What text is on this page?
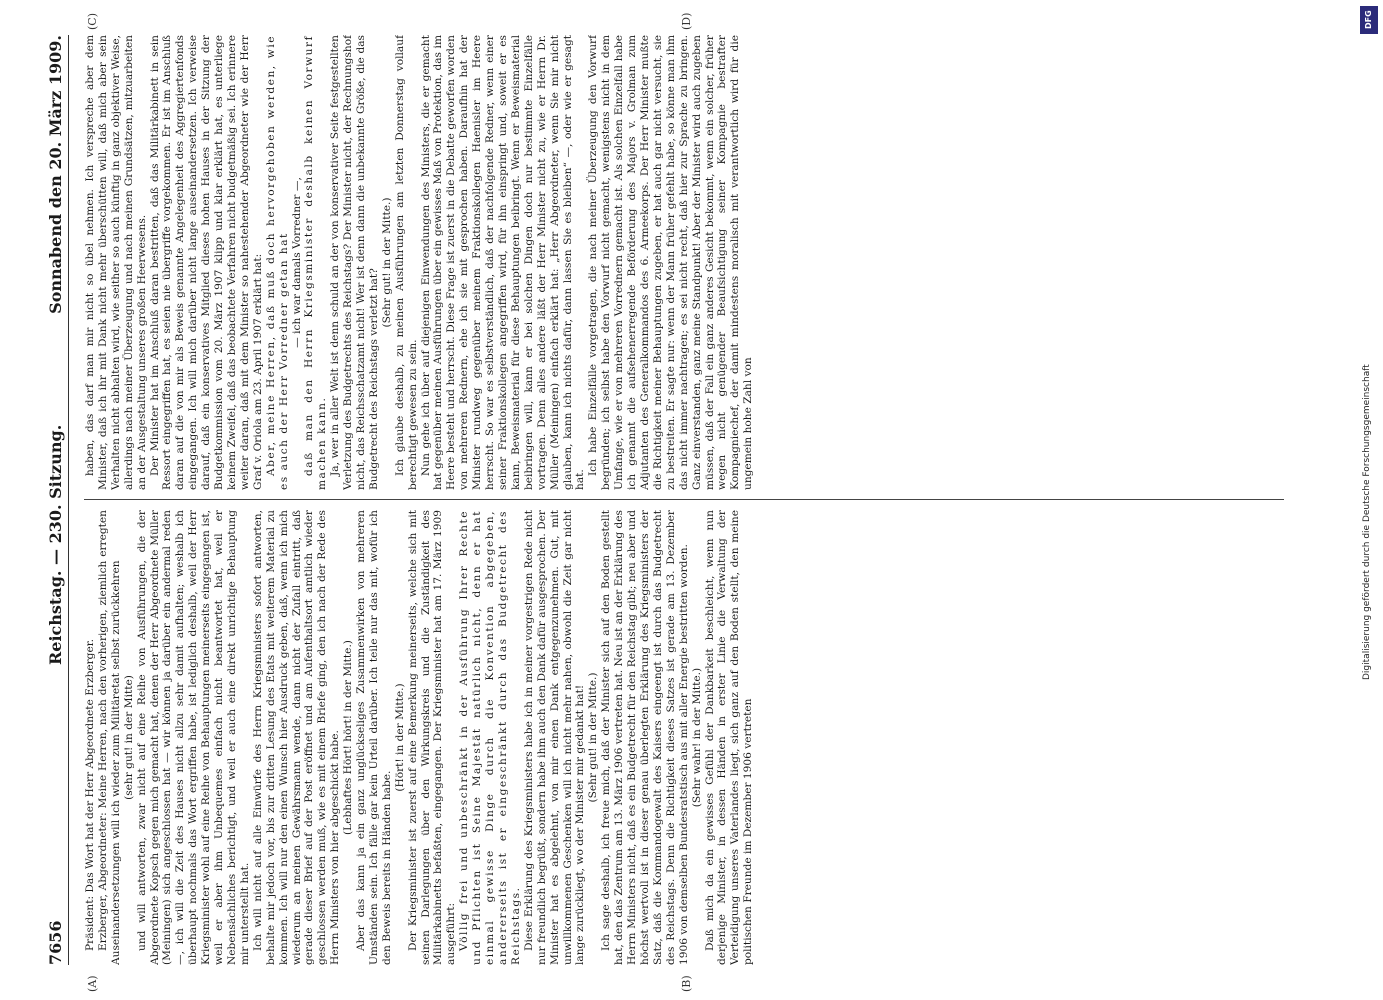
7656
Reichstag. — 230. Sitzung.
Sonnabend den 20. März 1909.
(A)	(B)
(C)	(D)

Präsident: Das Wort hat der Herr Abgeordnete Erzberger. Erzberger, Abgeordneter: Meine Herren, nach den vorherigen, ziemlich erregten Auseinandersetzungen will ich wieder zum Militäretat selbst zurückkehren (sehr gut! in der Mitte) und will antworten, zwar nicht auf eine Reihe von Ausführungen, die der Abgeordnete Kopsch gegen mich gemacht hat, denen der Herr Abgeordnete Müller (Meiningen) sich angeschlossen hat — wir können ja darüber ein andermal reden —, ich will die Zeit des Hauses nicht allzu sehr damit aufhalten; weshalb ich überhaupt nochmals das Wort ergriffen habe, ist lediglich deshalb, weil der Herr Kriegsminister wohl auf eine Reihe von Behauptungen meinerseits eingegangen ist, weil er aber ihm Unbequemes einfach nicht beantwortet hat, weil er Nebensächliches berichtigt, und weil er auch eine direkt unrichtige Behauptung mir unterstellt hat. Ich will nicht auf alle Einwürfe des Herrn Kriegsministers sofort antworten, behalte mir jedoch vor, bis zur dritten Lesung des Etats mit weiterem Material zu kommen. Ich will nur den einen Wunsch hier Ausdruck geben, daß, wenn ich mich wiederum an meinen Gewährsmann wende, dann nicht der Zufall eintritt, daß gerade dieser Brief auf der Post eröffnet und am Aufenthaltsort amtlich wieder geschlossen werden muß, wie es mit einem Briefe ging, den ich nach der Rede des Herrn Ministers von hier abgeschickt habe. (Lebhaftes Hört! hört! in der Mitte.) Aber das kann ja ein ganz unglückseliges Zusammenwirken von mehreren Umständen sein. Ich fälle gar kein Urteil darüber. Ich teile nur das mit, wofür ich den Beweis bereits in Händen habe.

(Hört! in der Mitte.) Der Kriegsminister ist zuerst auf eine Bemerkung meinerseits, welche sich mit seinen Darlegungen über den Wirkungskreis und die Zuständigkeit des Militärkabinetts befaßten, eingegangen. Der Kriegsminister hat am 17. März 1909 ausgeführt: Völlig frei und unbeschränkt in der Ausführung Ihrer Rechte und Pflichten ist Seine Majestät natürlich nicht, denn er hat einmal gewisse Dinge durch die Konvention abgegeben, andererseits ist er eingeschränkt durch das Budgetrecht des Reichstags. Diese Erklärung des Kriegsministers habe ich in meiner vorgestrigen Rede nicht nur freundlich begrüßt, sondern habe ihm auch den Dank dafür ausgesprochen. Der Minister hat es abgelehnt, von mir einen Dank entgegenzunehmen. Gut, mit unwillkommenen Geschenken will ich nicht mehr nahen, obwohl die Zeit gar nicht lange zurückliegt, wo der Minister mir gedankt hat! (Sehr gut! in der Mitte.) Ich sage deshalb, ich freue mich, daß der Minister sich auf den Boden gestellt hat, den das Zentrum am 13. März 1906 vertreten hat. Neu ist an der Erklärung des Herrn Ministers nicht, daß es ein Budgetrecht für den Reichstag gibt; neu aber und höchst wertvoll ist in dieser genau überlegten Erklärung des Kriegsministers der Satz, daß die Kommandogewalt des Kaisers eingeengt ist durch das Budgetrecht des Reichstags. Denn die Richtigkeit dieses Satzes ist gerade am 13. Dezember 1906 von demselben Bundesratstisch aus mit aller Energie bestritten worden. (Sehr wahr! in der Mitte.) Daß mich da ein gewisses Gefühl der Dankbarkeit beschleicht, wenn nun derjenige Minister, in dessen Händen in erster Linie die Verwaltung der Verteidigung unseres Vaterlandes liegt, sich ganz auf den Boden stellt, den meine politischen Freunde im Dezember 1906 vertreten

haben, das darf man mir nicht so übel nehmen. Ich verspreche aber dem Minister, daß ich ihr mit Dank nicht mehr überschütten will, daß mich aber sein Verhalten nicht abhalten wird, wie seither so auch künftig in ganz objektiver Weise, allerdings nach meiner Überzeugung und nach meinen Grundsätzen, mitzuarbeiten an der Ausgestaltung unseres großen Heerwesens. Der Minister hat im Anschluß daran bestritten, daß das Militärkabinett in sein Ressort eingegriffen hat, es seien nie übergriffe vorgekommen. Er ist im Anschluß daran auf die von mir als Beweis genannte Angelegenheit des Aggregiertenfonds eingegangen. Ich will mich darüber nicht lange auseinandersetzen. Ich verweise darauf, daß ein konservatives Mitglied dieses hohen Hauses in der Sitzung der Budgetkommission vom 20. März 1907 klipp und klar erklärt hat, es unterliege keinem Zweifel, daß das beobachtete Verfahren nicht budgetmäßig sei. Ich erinnere weiter daran, daß mit dem Minister so nahestehender Abgeordneter wie der Herr Graf v. Oriola am 23. April 1907 erklärt hat: Aber, meine Herren, daß muß doch hervorgehoben werden, wie es auch der Herr Vorredner getan hat — ich war damals Vorredner —, daß man den Herrn Kriegsminister deshalb keinen Vorwurf machen kann. Ja, wer in aller Welt ist denn schuld an der von konservativer Seite festgestellten Verletzung des Budgetrechts des Reichstags? Der Minister nicht, der Rechnungshof nicht, das Reichsschatzamt nicht! Wer ist denn dann die unbekannte Größe, die das Budgetrecht des Reichstags verletzt hat?

(Sehr gut! in der Mitte.) Ich glaube deshalb, zu meinen Ausführungen am letzten Donnerstag vollauf berechtigt gewesen zu sein. Nun gehe ich über auf diejenigen Einwendungen des Ministers, die er gemacht hat gegenüber meinen Ausführungen über ein gewisses Maß von Protektion, das im Heere besteht und herrscht. Diese Frage ist zuerst in die Debatte geworfen worden von mehreren Rednern, ehe ich sie mit gesprochen haben. Daraufhin hat der Minister rundweg gegenüber meinem Fraktionskollegen Haenisler im Heere herrscht. So war es selbstverständlich, daß der nachfolgende Redner, wenn einer seiner Fraktionskollegen angegriffen wird, für ihn einspringt und, soweit er es kann, Beweismaterial für diese Behauptungen beibringt. Wenn er Beweismaterial beibringen will, kann er bei solchen Dingen doch nur bestimmte Einzelfälle vortragen. Denn alles andere läßt der Herr Minister nicht zu, wie er Herrn Dr. Müller (Meiningen) einfach erklärt hat: „Herr Abgeordneter, wenn Sie mir nicht glauben, kann ich nichts dafür, dann lassen Sie es bleiben“ —, oder wie er gesagt hat.

Ich habe Einzelfälle vorgetragen, die nach meiner Überzeugung den Vorwurf begründen; ich selbst habe den Vorwurf nicht gemacht, wenigstens nicht in dem Umfange, wie er von mehreren Vorrednern gemacht ist. Als solchen Einzelfall habe ich genannt die aufsehenerregende Beförderung des Majors v. Grolman zum Adjutanten des Generalkommandos des 6. Armeekorps. Der Herr Minister mußte die Richtigkeit meiner Behauptungen zugeben, er hat auch gar nicht versucht, sie zu bestreiten. Er sagte nur: wenn der Mann früher gefehlt habe, so könne man ihm das nicht immer nachtragen; es sei nicht recht, daß hier zur Sprache zu bringen. Ganz einverstanden, ganz meine Standpunkt! Aber der Minister wird auch zugeben müssen, daß der Fall ein ganz anderes Gesicht bekommt, wenn ein solcher, früher wegen nicht genügender Beaufsichtigung seiner Kompagnie bestrafter Kompagniechef, der damit mindestens moralisch mit verantwortlich wird für die ungemein hohe Zahl von

DFG
Digitalisierung gefördert durch die Deutsche Forschungsgemeinschaft
